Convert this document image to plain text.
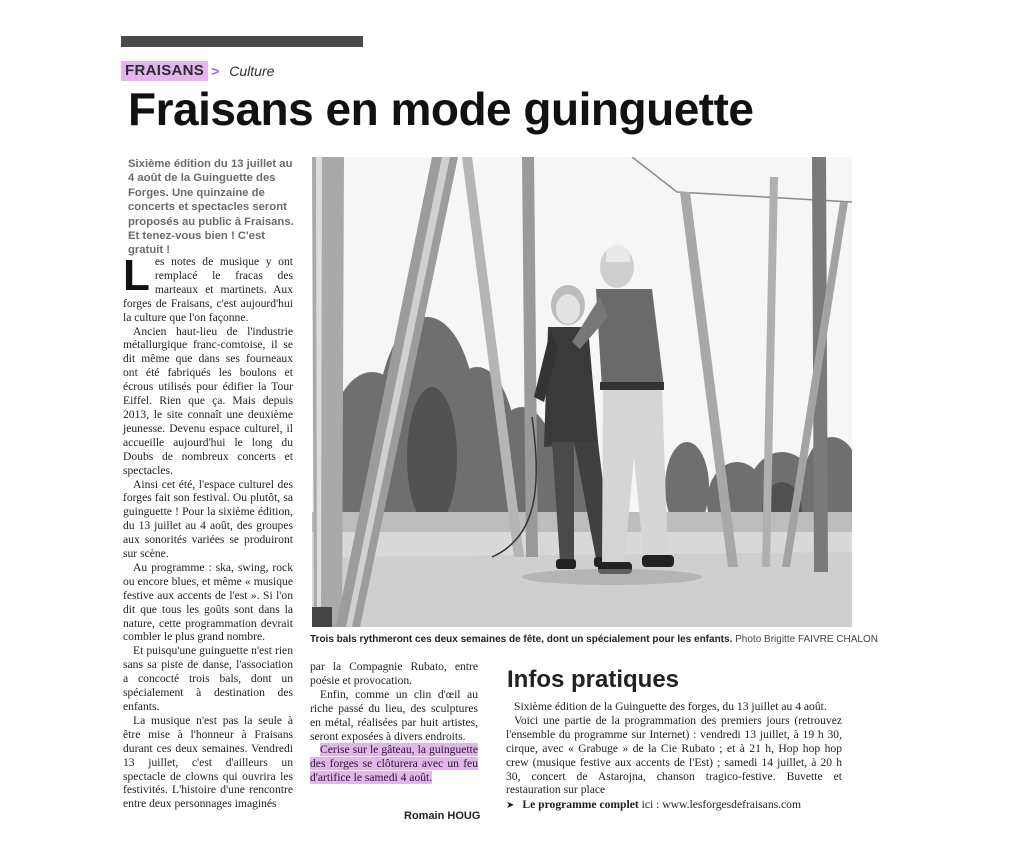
FRAISANS > Culture
Fraisans en mode guinguette

Sixième édition du 13 juillet au 4 août de la Guinguette des Forges. Une quinzaine de concerts et spectacles seront proposés au public à Fraisans. Et tenez-vous bien ! C'est gratuit !

Les notes de musique y ont remplacé le fracas des marteaux et martinets. Aux forges de Fraisans, c'est aujourd'hui la culture que l'on façonne.

Ancien haut-lieu de l'industrie métallurgique franc-comtoise, il se dit même que dans ses fourneaux ont été fabriqués les boulons et écrous utilisés pour édifier la Tour Eiffel. Rien que ça. Mais depuis 2013, le site connaît une deuxième jeunesse. Devenu espace culturel, il accueille aujourd'hui le long du Doubs de nombreux concerts et spectacles.

Ainsi cet été, l'espace culturel des forges fait son festival. Ou plutôt, sa guinguette ! Pour la sixième édition, du 13 juillet au 4 août, des groupes aux sonorités variées se produiront sur scène.

Au programme : ska, swing, rock ou encore blues, et même « musique festive aux accents de l'est ». Si l'on dit que tous les goûts sont dans la nature, cette programmation devrait combler le plus grand nombre.

Et puisqu'une guinguette n'est rien sans sa piste de danse, l'association a concocté trois bals, dont un spécialement à destination des enfants.

La musique n'est pas la seule à être mise à l'honneur à Fraisans durant ces deux semaines. Vendredi 13 juillet, c'est d'ailleurs un spectacle de clowns qui ouvrira les festivités. L'histoire d'une rencontre entre deux personnages imaginés

Trois bals rythmeront ces deux semaines de fête, dont un spécialement pour les enfants. Photo Brigitte FAIVRE CHALON

par la Compagnie Rubato, entre poésie et provocation.

Enfin, comme un clin d'œil au riche passé du lieu, des sculptures en métal, réalisées par huit artistes, seront exposées à divers endroits.

Cerise sur le gâteau, la guinguette des forges se clôturera avec un feu d'artifice le samedi 4 août.

Romain HOUG
Infos pratiques

Sixième édition de la Guinguette des forges, du 13 juillet au 4 août.

Voici une partie de la programmation des premiers jours (retrouvez l'ensemble du programme sur Internet) : vendredi 13 juillet, à 19 h 30, cirque, avec « Grabuge » de la Cie Rubato ; et à 21 h, Hop hop hop crew (musique festive aux accents de l'Est) ; samedi 14 juillet, à 20 h 30, concert de Astarojna, chanson tragico-festive. Buvette et restauration sur place

➤ Le programme complet ici : www.lesforgesdefraisans.com
